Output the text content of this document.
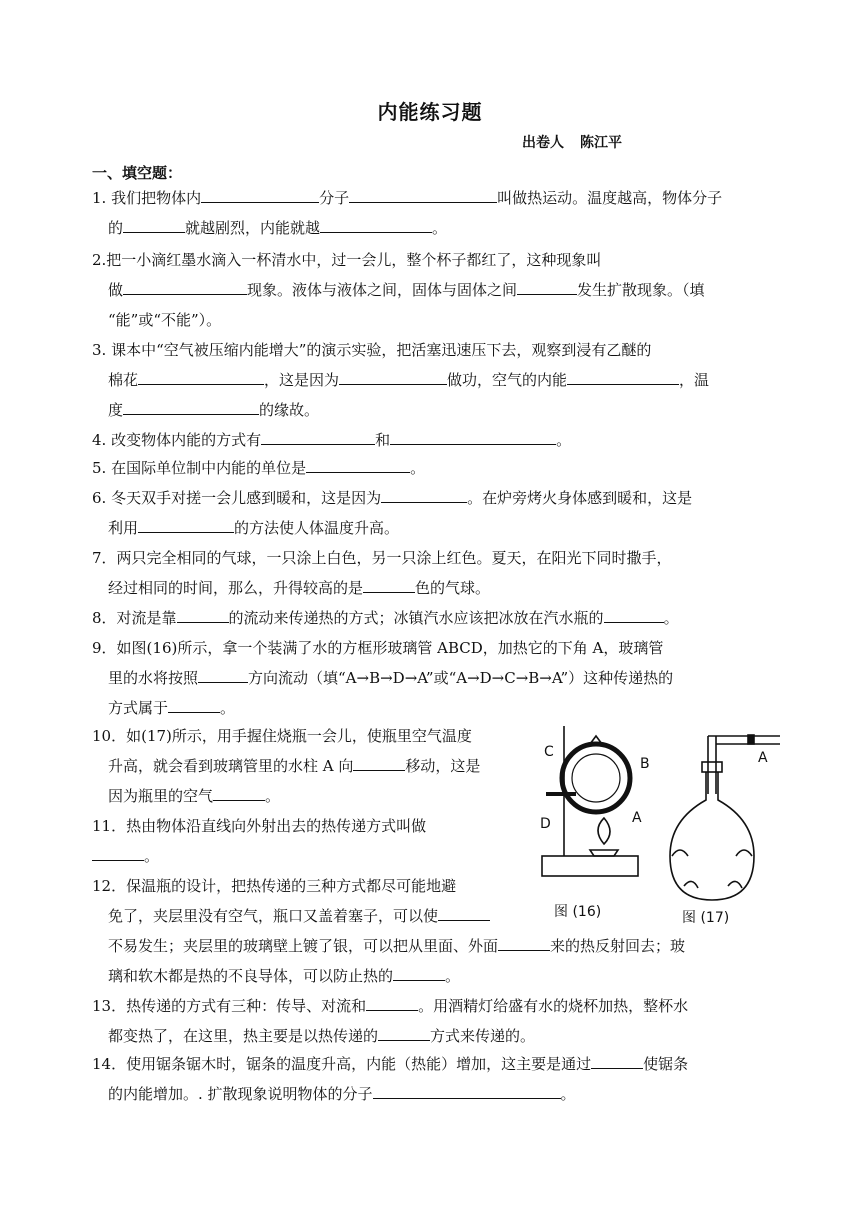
内能练习题
出卷人 陈江平
一、填空题：
1. 我们把物体内	分子	叫做热运动。温度越高，物体分子
的	就越剧烈，内能就越	。
2.把一小滴红墨水滴入一杯清水中，过一会儿，整个杯子都红了，这种现象叫
做	现象。液体与液体之间，固体与固体之间	发生扩散现象。（填
“能”或“不能”）。
3. 课本中“空气被压缩内能增大”的演示实验，把活塞迅速压下去，观察到浸有乙醚的
棉花	，这是因为	做功，空气的内能	，温
度	的缘故。
4. 改变物体内能的方式有	和	。
5. 在国际单位制中内能的单位是	。
6. 冬天双手对搓一会儿感到暖和，这是因为	。在炉旁烤火身体感到暖和，这是
利用	的方法使人体温度升高。
7．两只完全相同的气球，一只涂上白色，另一只涂上红色。夏天，在阳光下同时撒手，
经过相同的时间，那么，升得较高的是	色的气球。
8．对流是靠	的流动来传递热的方式；冰镇汽水应该把冰放在汽水瓶的	。
9．如图(16)所示，拿一个装满了水的方框形玻璃管 ABCD，加热它的下角 A，玻璃管
里的水将按照	方向流动（填“A→B→D→A”或“A→D→C→B→A”）这种传递热的
方式属于	。
10．如(17)所示，用手握住烧瓶一会儿，使瓶里空气温度
升高，就会看到玻璃管里的水柱 A 向	移动，这是
因为瓶里的空气	。
11．热由物体沿直线向外射出去的热传递方式叫做
。
12．保温瓶的设计，把热传递的三种方式都尽可能地避
免了，夹层里没有空气，瓶口又盖着塞子，可以使
不易发生；夹层里的玻璃壁上镀了银，可以把从里面、外面	来的热反射回去；玻
璃和软木都是热的不良导体，可以防止热的	。
13．热传递的方式有三种：传导、对流和	。用酒精灯给盛有水的烧杯加热，整杯水
都变热了，在这里，热主要是以热传递的	方式来传递的。
14．使用锯条锯木时，锯条的温度升高，内能（热能）增加，这主要是通过	使锯条
的内能增加。. 扩散现象说明物体的分子	。
C
B
D	A
A
图 (16)	图 (17)
